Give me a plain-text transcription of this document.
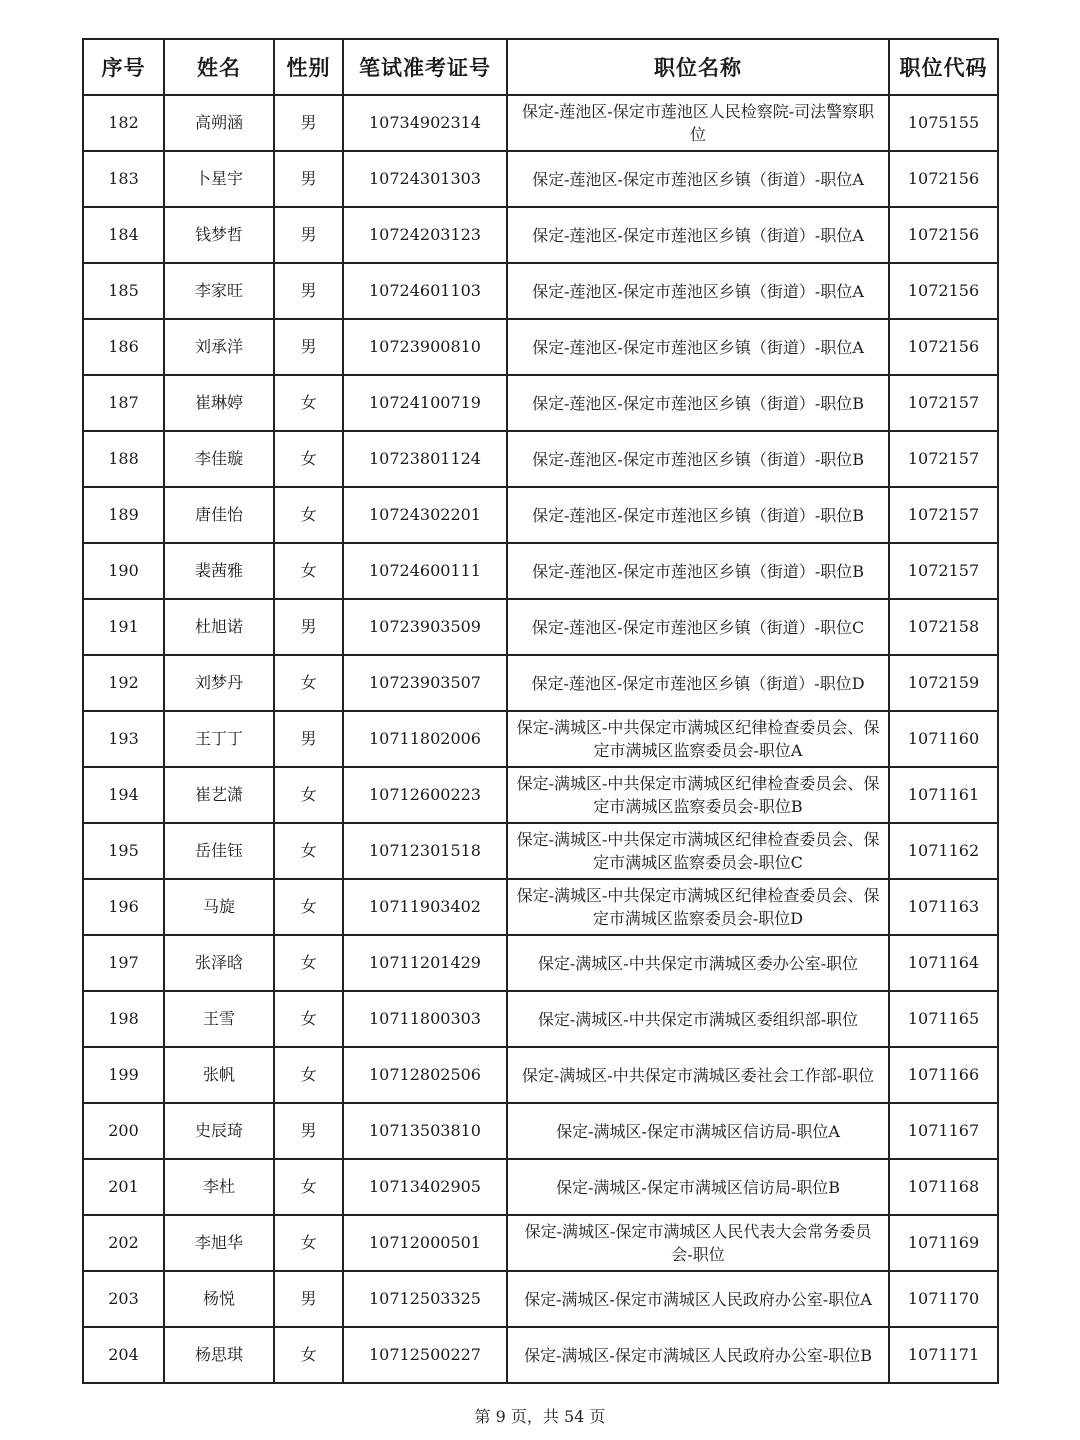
序号	姓名	性别	笔试准考证号	职位名称	职位代码
182	高朔涵	男	10734902314	保定-莲池区-保定市莲池区人民检察院-司法警察职位	1075155
183	卜星宇	男	10724301303	保定-莲池区-保定市莲池区乡镇（街道）-职位A	1072156
184	钱梦哲	男	10724203123	保定-莲池区-保定市莲池区乡镇（街道）-职位A	1072156
185	李家旺	男	10724601103	保定-莲池区-保定市莲池区乡镇（街道）-职位A	1072156
186	刘承洋	男	10723900810	保定-莲池区-保定市莲池区乡镇（街道）-职位A	1072156
187	崔琳婷	女	10724100719	保定-莲池区-保定市莲池区乡镇（街道）-职位B	1072157
188	李佳璇	女	10723801124	保定-莲池区-保定市莲池区乡镇（街道）-职位B	1072157
189	唐佳怡	女	10724302201	保定-莲池区-保定市莲池区乡镇（街道）-职位B	1072157
190	裴茜雅	女	10724600111	保定-莲池区-保定市莲池区乡镇（街道）-职位B	1072157
191	杜旭诺	男	10723903509	保定-莲池区-保定市莲池区乡镇（街道）-职位C	1072158
192	刘梦丹	女	10723903507	保定-莲池区-保定市莲池区乡镇（街道）-职位D	1072159
193	王丁丁	男	10711802006	保定-满城区-中共保定市满城区纪律检查委员会、保定市满城区监察委员会-职位A	1071160
194	崔艺潇	女	10712600223	保定-满城区-中共保定市满城区纪律检查委员会、保定市满城区监察委员会-职位B	1071161
195	岳佳钰	女	10712301518	保定-满城区-中共保定市满城区纪律检查委员会、保定市满城区监察委员会-职位C	1071162
196	马旋	女	10711903402	保定-满城区-中共保定市满城区纪律检查委员会、保定市满城区监察委员会-职位D	1071163
197	张泽晗	女	10711201429	保定-满城区-中共保定市满城区委办公室-职位	1071164
198	王雪	女	10711800303	保定-满城区-中共保定市满城区委组织部-职位	1071165
199	张帆	女	10712802506	保定-满城区-中共保定市满城区委社会工作部-职位	1071166
200	史辰琦	男	10713503810	保定-满城区-保定市满城区信访局-职位A	1071167
201	李杜	女	10713402905	保定-满城区-保定市满城区信访局-职位B	1071168
202	李旭华	女	10712000501	保定-满城区-保定市满城区人民代表大会常务委员会-职位	1071169
203	杨悦	男	10712503325	保定-满城区-保定市满城区人民政府办公室-职位A	1071170
204	杨思琪	女	10712500227	保定-满城区-保定市满城区人民政府办公室-职位B	1071171
第 9 页，共 54 页
